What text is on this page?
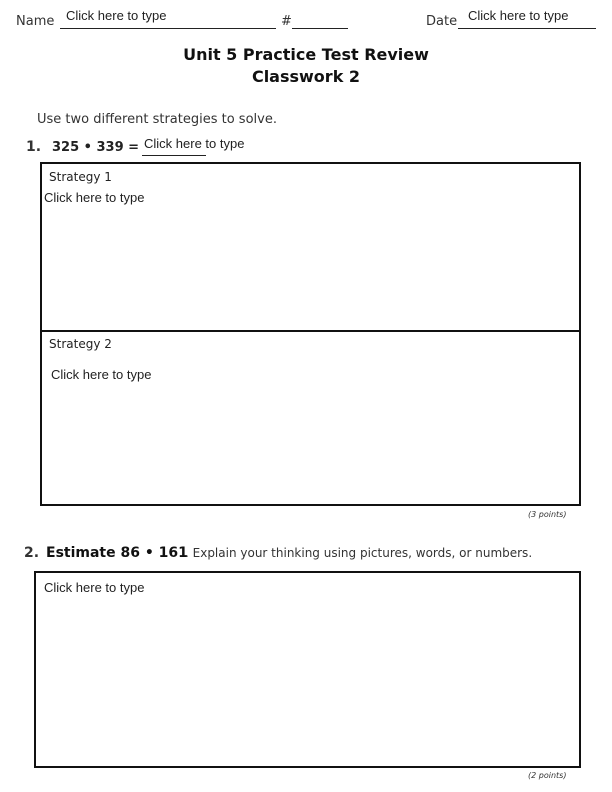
Name Click here to type	#	Date Click here to type
Unit 5 Practice Test Review
Classwork 2
Use two different strategies to solve.
1. 325 • 339 = Click here to type
Strategy 1
Click here to type
Strategy 2
Click here to type
(3 points)
2. Estimate 86 • 161
. Explain your thinking using pictures, words, or numbers.
Click here to type
(2 points)
